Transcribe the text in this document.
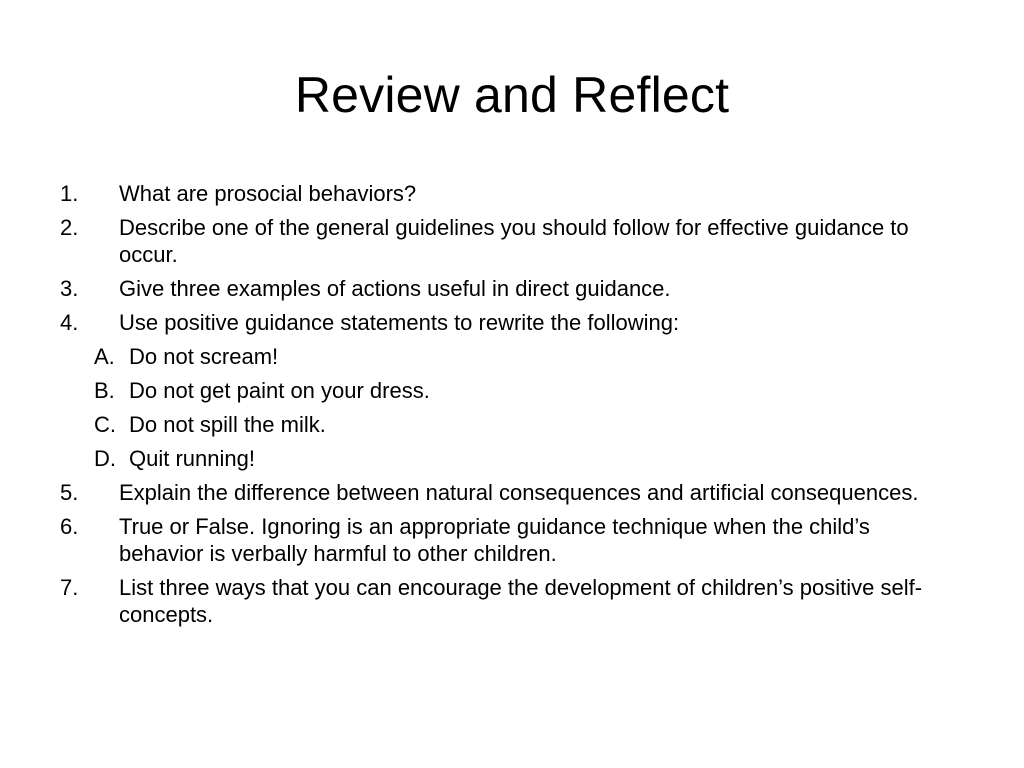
Review and Reflect
1. What are prosocial behaviors?
2. Describe one of the general guidelines you should follow for effective guidance to occur.
3. Give three examples of actions useful in direct guidance.
4. Use positive guidance statements to rewrite the following:
A. Do not scream!
B. Do not get paint on your dress.
C. Do not spill the milk.
D. Quit running!
5. Explain the difference between natural consequences and artificial consequences.
6. True or False. Ignoring is an appropriate guidance technique when the child’s behavior is verbally harmful to other children.
7. List three ways that you can encourage the development of children’s positive self-concepts.
